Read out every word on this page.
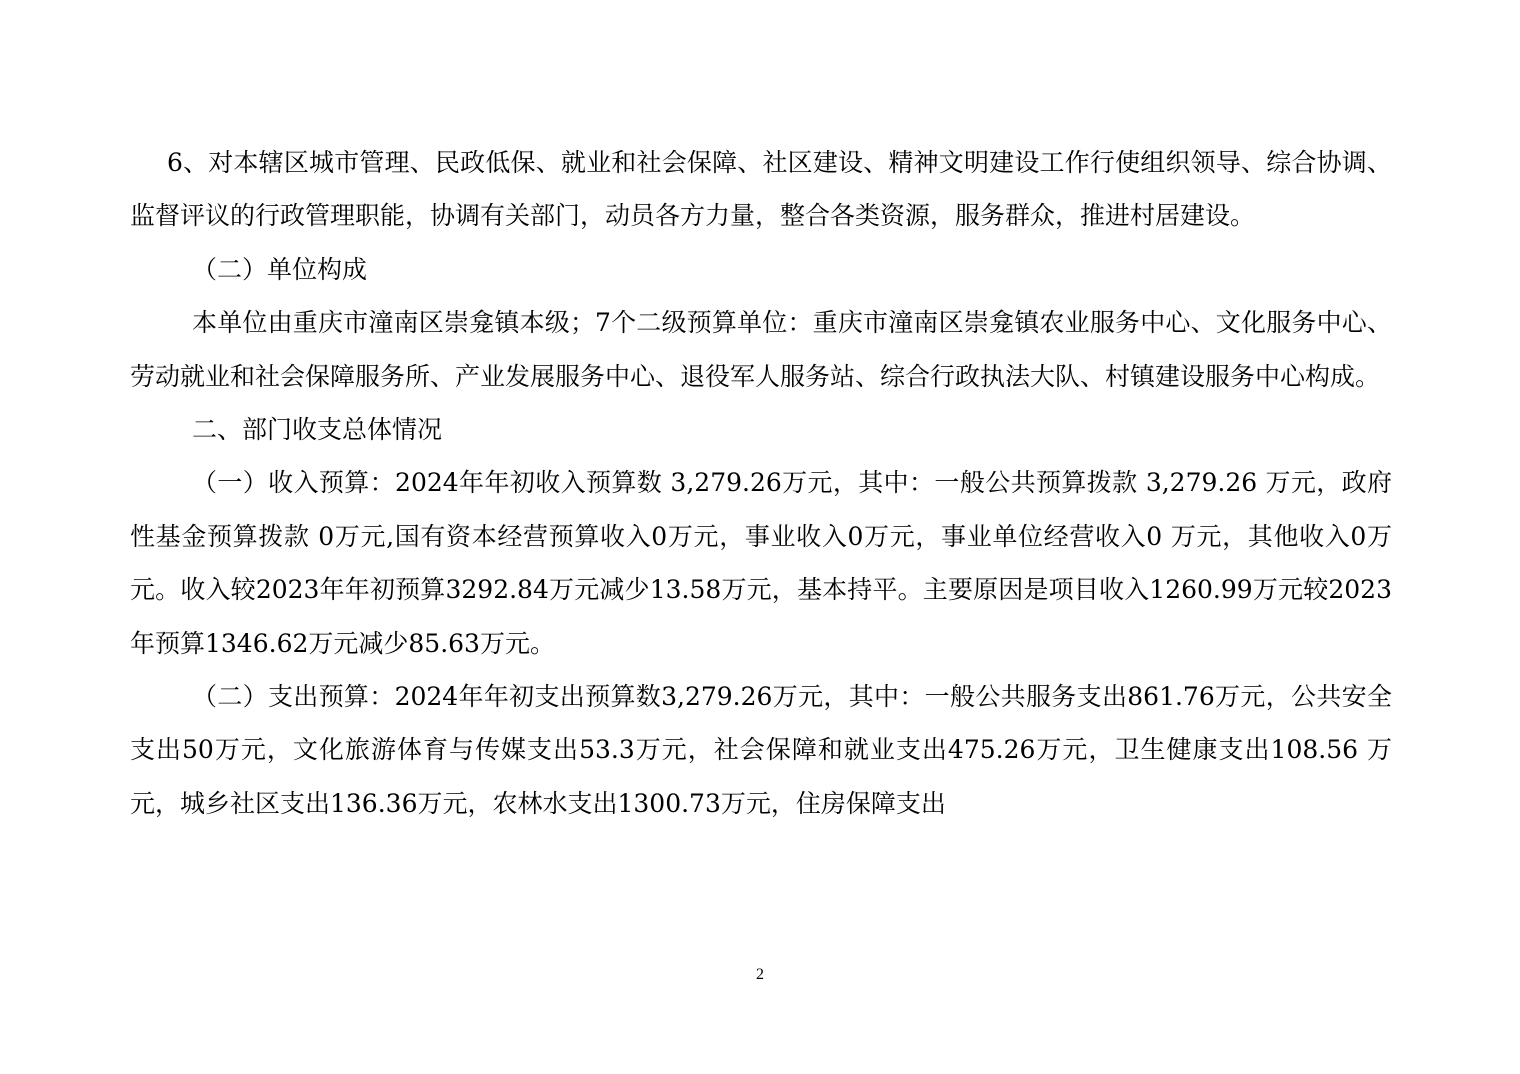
6、对本辖区城市管理、民政低保、就业和社会保障、社区建设、精神文明建设工作行使组织领导、综合协调、监督评议的行政管理职能，协调有关部门，动员各方力量，整合各类资源，服务群众，推进村居建设。

（二）单位构成

本单位由重庆市潼南区崇龛镇本级；7个二级预算单位：重庆市潼南区崇龛镇农业服务中心、文化服务中心、劳动就业和社会保障服务所、产业发展服务中心、退役军人服务站、综合行政执法大队、村镇建设服务中心构成。

二、部门收支总体情况

（一）收入预算：2024年年初收入预算数 3,279.26万元，其中：一般公共预算拨款 3,279.26 万元，政府性基金预算拨款 0万元,国有资本经营预算收入0万元，事业收入0万元，事业单位经营收入0 万元，其他收入0万元。收入较2023年年初预算3292.84万元减少13.58万元，基本持平。主要原因是项目收入1260.99万元较2023年预算1346.62万元减少85.63万元。

（二）支出预算：2024年年初支出预算数3,279.26万元，其中：一般公共服务支出861.76万元，公共安全支出50万元，文化旅游体育与传媒支出53.3万元，社会保障和就业支出475.26万元，卫生健康支出108.56 万元，城乡社区支出136.36万元，农林水支出1300.73万元，住房保障支出

2
